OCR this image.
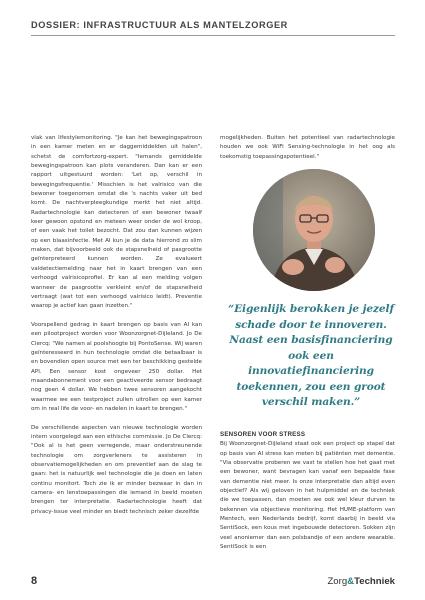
DOSSIER: INFRASTRUCTUUR ALS MANTELZORGER

vlak van lifestylemonitoring. "Je kan het bewegingspatroon in een kamer meten en er daggemiddelden uit halen", schetst de comfortzorg-expert. "Iemands gemiddelde bewegingspatroon kan plots veranderen. Dan kan er een rapport uitgestuurd worden: 'Let op, verschil in bewegingsfrequentie.' Misschien is het valrisico van die bewoner toegenomen omdat die 's nachts vaker uit bed komt. De nachtverpleegkundige merkt het niet altijd. Radartechnologie kan detecteren of een bewoner twaalf keer gewoon opstond en meteen weer onder de wol kroop, of een vaak het toilet bezocht. Dat zou dan kunnen wijzen op een blaasinfectie. Met AI kun je de data hierrond zo slim maken, dat bijvoorbeeld ook de stapsnelheid of pasgrootte geïnterpreteerd kunnen worden. Ze evalueert valdetectiemelding naar het in kaart brengen van een verhoogd valrisicoprofiel. Er kan al een melding volgen wanneer de pasgrootte verkleint en/of de stapsnelheid vertraagt (wat tot een verhoogd valrisico leidt). Preventie waarop je actief kan gaan inzetten."

Voorspellend gedrag in kaart brengen op basis van AI kan een pilootproject worden voor Woonzorgnet-Dijleland. Jo De Clercq: "We namen al poolshoogte bij PontoSense. Wij waren geïnteresseerd in hun technologie omdat die betaalbaar is en bovendien open source met een ter beschikking gestelde API. Een sensor kost ongeveer 250 dollar. Het maandabonnement voor een geactiveerde sensor bedraagt nog geen 4 dollar. We hebben twee sensoren aangekocht waarmee we een testproject zullen uitrollen op een kamer om in real life de voor- en nadelen in kaart te brengen."

De verschillende aspecten van nieuwe technologie worden intern voorgelegd aan een ethische commissie. Jo De Clercq: "Ook al is het geen verregende, maar onderstreunende technologie om zorgverleners te assisteren in observatiemogelijkheden en om preventief aan de slag te gaan: het is natuurlijk wel technologie die je doen en laten continu monitort. Toch zie ik er minder bezwaar in dan in camera- en lenstoepassingen die iemand in beeld moeten brengen ter interpretatie. Radartechnologie heeft dat privacy-issue veel minder en biedt technisch zeker dezelfde

mogelijkheden. Buiten het potentieel van radartechnologie houden we ook WiFi Sensing-technologie in het oog als toekomstig toepassingspotentieel."

“Eigenlijk berokken je jezelf schade door te innoveren. Naast een basisfinanciering ook een innovatiefinanciering toekennen, zou een groot verschil maken.”
SENSOREN VOOR STRESS

Bij Woonzorgnet-Dijleland staat ook een project op stapel dat op basis van AI stress kan meten bij patiënten met dementie. "Via observatie proberen we vast te stellen hoe het gaat met een bewoner, want bevragen kan vanaf een bepaalde fase van dementie niet meer. Is onze interpretatie dan altijd even objectief? Als wij geloven in het hulpmiddel en de techniek die we toepassen, dan moeten we ook wel kleur durven te bekennen via objectieve monitoring. Het HUME-platform van Mentech, een Nederlands bedrijf, komt daarbij in beeld via SentiSock, een kous met ingebouwde detectoren. Sokken zijn veel anoniemer dan een polsbandje of een andere wearable. SentiSock is een

8	Zorg&Techniek
